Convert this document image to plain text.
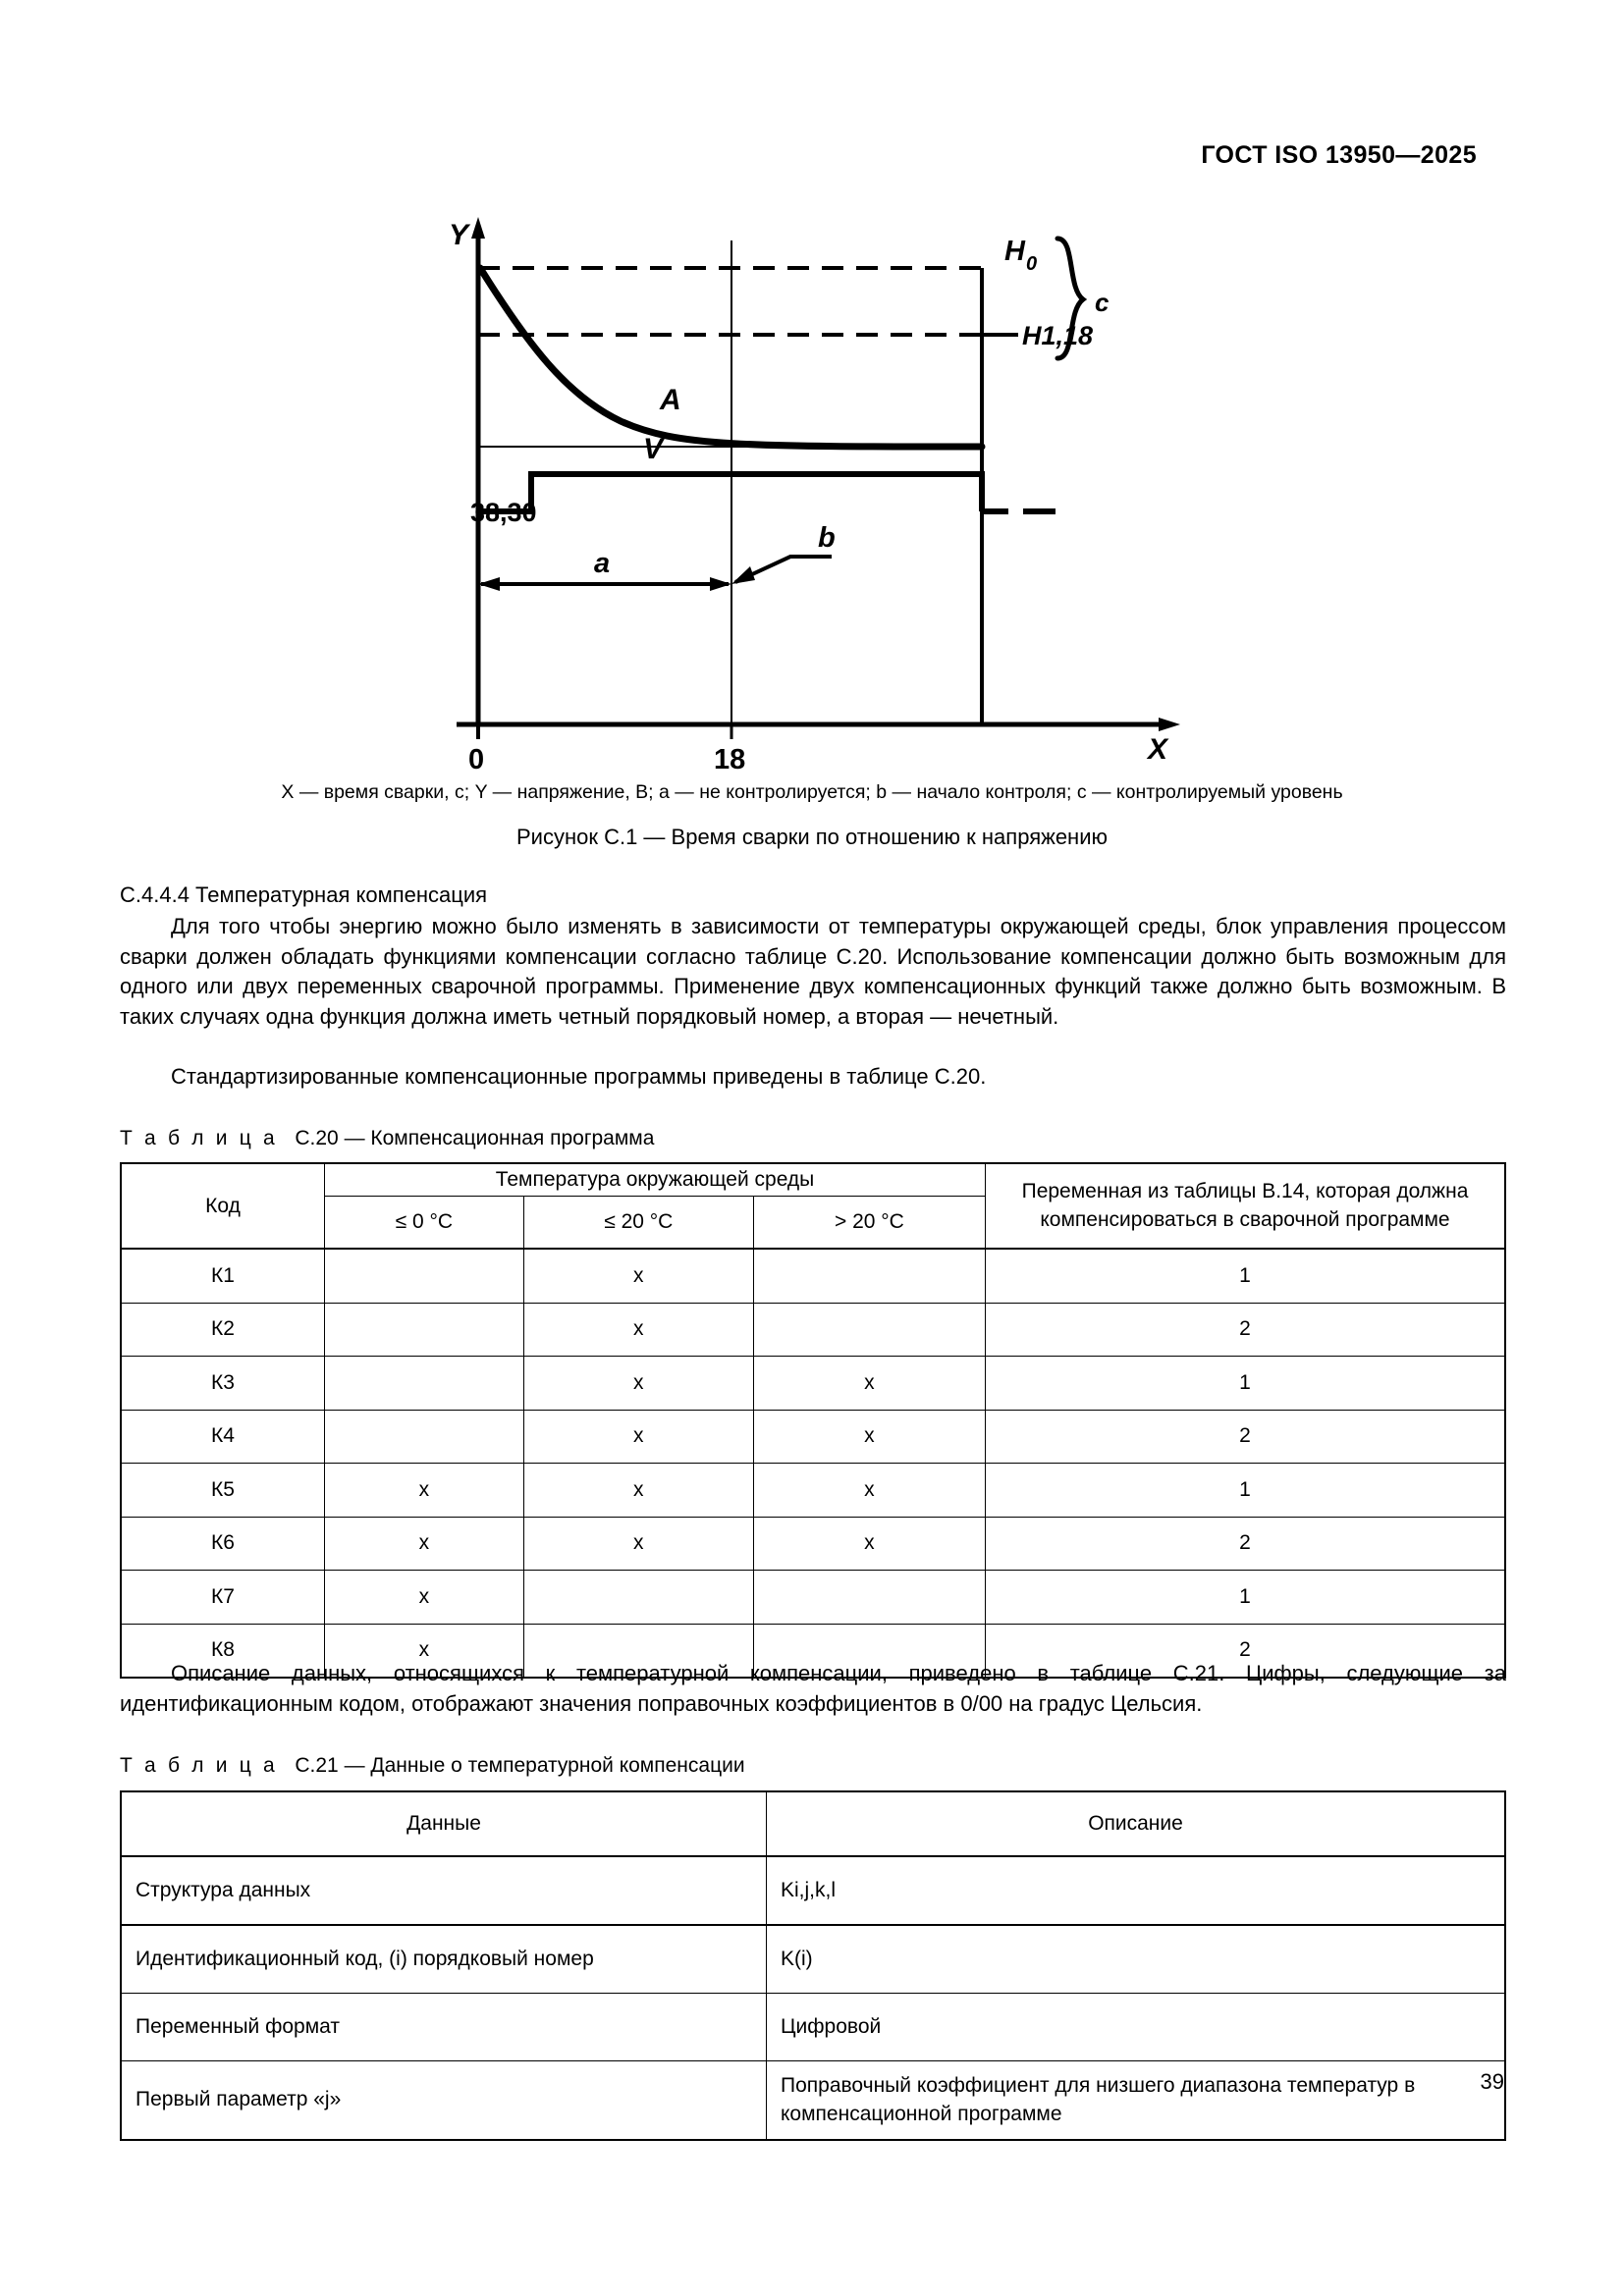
ГОСТ ISO 13950—2025
Y
X
H 0
H1,18
c
A
V
38,30
0	18
a
b
X — время сварки, с; Y — напряжение, В; a — не контролируется; b — начало контроля; c — контролируемый уровень
Рисунок С.1 — Время сварки по отношению к напряжению
С.4.4.4 Температурная компенсация
Для того чтобы энергию можно было изменять в зависимости от температуры окружающей среды, блок управления процессом сварки должен обладать функциями компенсации согласно таблице С.20. Использование компенсации должно быть возможным для одного или двух переменных сварочной программы. Применение двух компенсационных функций также должно быть возможным. В таких случаях одна функция должна иметь четный порядковый номер, а вторая — нечетный.
Стандартизированные компенсационные программы приведены в таблице С.20.
Т а б л и ц а С.20 — Компенсационная программа
Код	Температура окружающей среды			Переменная из таблицы В.14, которая должна компенсироваться в сварочной программе
	≤ 0 °C	≤ 20 °C	> 20 °C	
К1		x		1
К2		x		2
К3		x	x	1
К4		x	x	2
К5	x	x	x	1
К6	x	x	x	2
К7	x			1
К8	x			2
Описание данных, относящихся к температурной компенсации, приведено в таблице С.21. Цифры, следующие за идентификационным кодом, отображают значения поправочных коэффициентов в 0/00 на градус Цельсия.
Т а б л и ц а С.21 — Данные о температурной компенсации
Данные	Описание
Структура данных	Ki,j,k,l
Идентификационный код, (i) порядковый номер	K(i)
Переменный формат	Цифровой
Первый параметр «j»	Поправочный коэффициент для низшего диапазона температур в компенсационной программе
39
